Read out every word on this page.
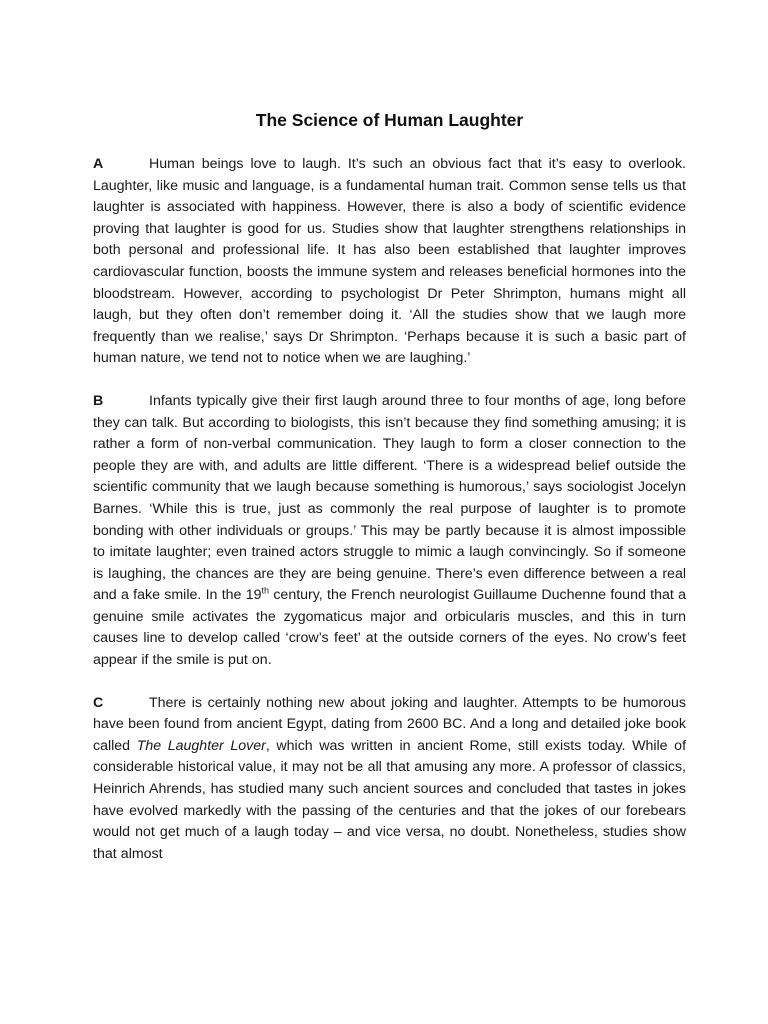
The Science of Human Laughter

A	Human beings love to laugh. It’s such an obvious fact that it’s easy to overlook. Laughter, like music and language, is a fundamental human trait. Common sense tells us that laughter is associated with happiness. However, there is also a body of scientific evidence proving that laughter is good for us. Studies show that laughter strengthens relationships in both personal and professional life. It has also been established that laughter improves cardiovascular function, boosts the immune system and releases beneficial hormones into the bloodstream. However, according to psychologist Dr Peter Shrimpton, humans might all laugh, but they often don’t remember doing it. ‘All the studies show that we laugh more frequently than we realise,’ says Dr Shrimpton. ‘Perhaps because it is such a basic part of human nature, we tend not to notice when we are laughing.’

B	Infants typically give their first laugh around three to four months of age, long before they can talk. But according to biologists, this isn’t because they find something amusing; it is rather a form of non-verbal communication. They laugh to form a closer connection to the people they are with, and adults are little different. ‘There is a widespread belief outside the scientific community that we laugh because something is humorous,’ says sociologist Jocelyn Barnes. ‘While this is true, just as commonly the real purpose of laughter is to promote bonding with other individuals or groups.’ This may be partly because it is almost impossible to imitate laughter; even trained actors struggle to mimic a laugh convincingly. So if someone is laughing, the chances are they are being genuine. There’s even difference between a real and a fake smile. In the 19th century, the French neurologist Guillaume Duchenne found that a genuine smile activates the zygomaticus major and orbicularis muscles, and this in turn causes line to develop called ‘crow’s feet’ at the outside corners of the eyes. No crow’s feet appear if the smile is put on.

C	There is certainly nothing new about joking and laughter. Attempts to be humorous have been found from ancient Egypt, dating from 2600 BC. And a long and detailed joke book called The Laughter Lover, which was written in ancient Rome, still exists today. While of considerable historical value, it may not be all that amusing any more. A professor of classics, Heinrich Ahrends, has studied many such ancient sources and concluded that tastes in jokes have evolved markedly with the passing of the centuries and that the jokes of our forebears would not get much of a laugh today – and vice versa, no doubt. Nonetheless, studies show that almost
